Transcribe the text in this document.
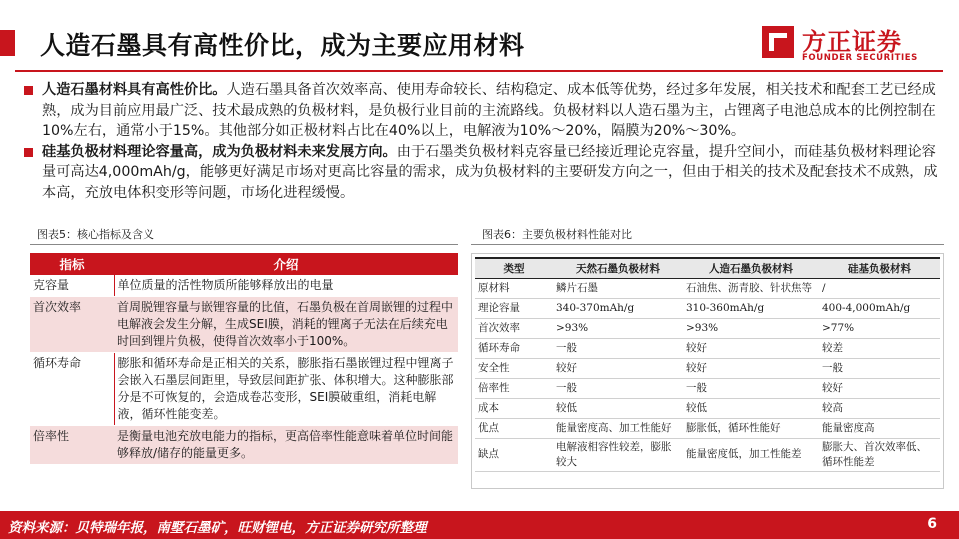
人造石墨具有高性价比，成为主要应用材料	方正证券
FOUNDER SECURITIES
人造石墨材料具有高性价比。人造石墨具备首次效率高、使用寿命较长、结构稳定、成本低等优势，经过多年发展，相关技术和配套工艺已经成熟，成为目前应用最广泛、技术最成熟的负极材料，是负极行业目前的主流路线。负极材料以人造石墨为主，占锂离子电池总成本的比例控制在10%左右，通常小于15%。其他部分如正极材料占比在40%以上，电解液为10%～20%，隔膜为20%～30%。
硅基负极材料理论容量高，成为负极材料未来发展方向。由于石墨类负极材料克容量已经接近理论克容量，提升空间小，而硅基负极材料理论容量可高达4,000mAh/g，能够更好满足市场对更高比容量的需求，成为负极材料的主要研发方向之一，但由于相关的技术及配套技术不成熟，成本高，充放电体积变形等问题，市场化进程缓慢。
图表5：核心指标及含义
指标	介绍
克容量	单位质量的活性物质所能够释放出的电量
首次效率	首周脱锂容量与嵌锂容量的比值，石墨负极在首周嵌锂的过程中电解液会发生分解，生成SEI膜，消耗的锂离子无法在后续充电时回到锂片负极，使得首次效率小于100%。
循环寿命	膨胀和循环寿命是正相关的关系，膨胀指石墨嵌锂过程中锂离子会嵌入石墨层间距里，导致层间距扩张、体积增大。这种膨胀部分是不可恢复的，会造成卷芯变形，SEI膜破重组，消耗电解液，循环性能变差。
倍率性	是衡量电池充放电能力的指标，更高倍率性能意味着单位时间能够释放/储存的能量更多。
图表6：主要负极材料性能对比
类型	天然石墨负极材料	人造石墨负极材料	硅基负极材料
原材料	鳞片石墨	石油焦、沥青胶、针状焦等	/
理论容量	340-370mAh/g	310-360mAh/g	400-4,000mAh/g
首次效率	>93%	>93%	>77%
循环寿命	一般	较好	较差
安全性	较好	较好	一般
倍率性	一般	一般	较好
成本	较低	较低	较高
优点	能量密度高、加工性能好	膨胀低，循环性能好	能量密度高
缺点	电解液相容性较差，膨胀较大	能量密度低，加工性能差	膨胀大、首次效率低、循环性能差
资料来源：贝特瑞年报，南墅石墨矿，旺财锂电，方正证券研究所整理	6
